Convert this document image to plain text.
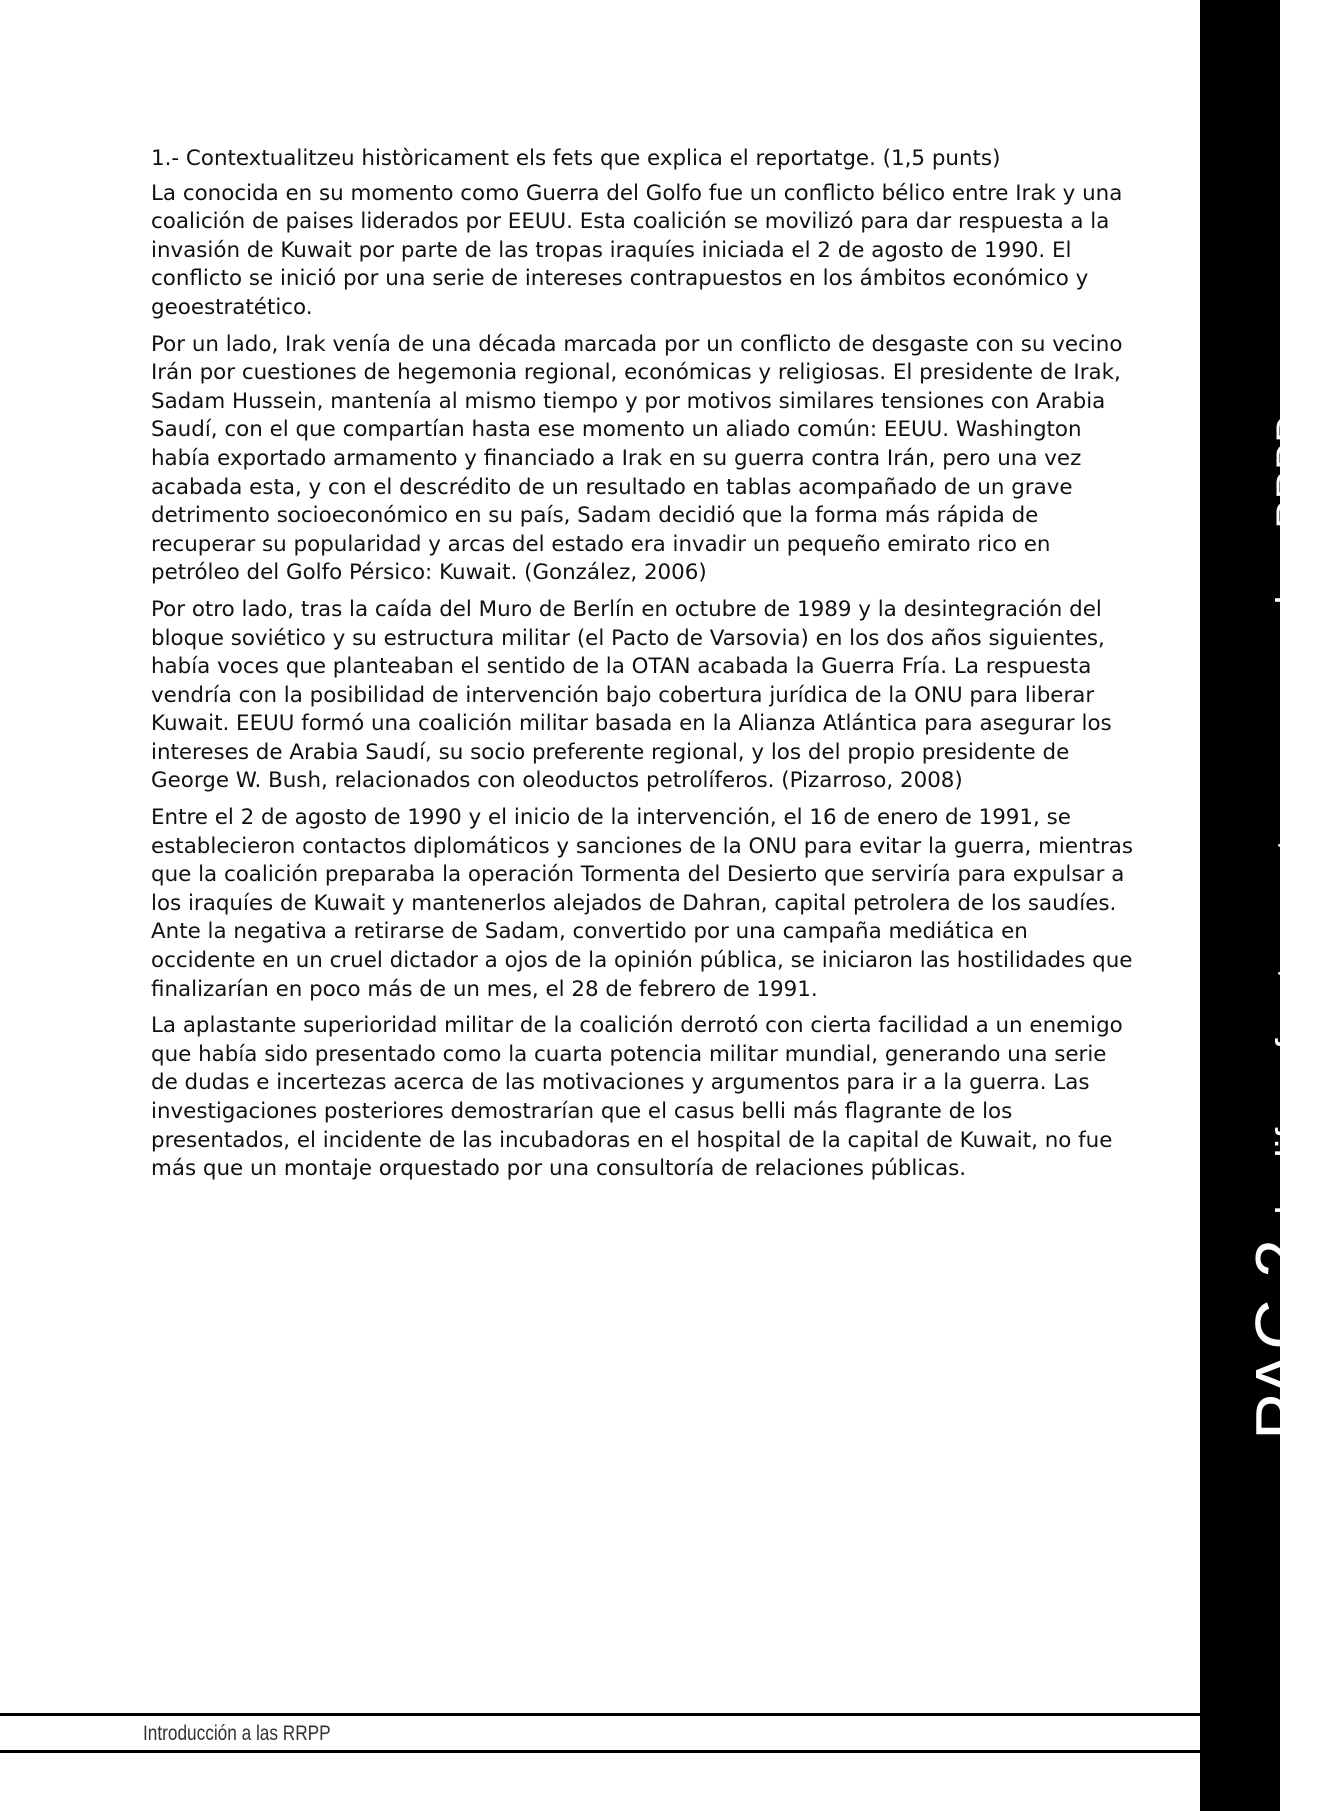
1.- Contextualitzeu històricament els fets que explica el reportatge. (1,5 punts)

La conocida en su momento como Guerra del Golfo fue un conflicto bélico entre Irak y una coalición de paises liderados por EEUU. Esta coalición se movilizó para dar respuesta a la invasión de Kuwait por parte de las tropas iraquíes iniciada el 2 de agosto de 1990. El conflicto se inició por una serie de intereses contrapuestos en los ámbitos económico y geoestratético.

Por un lado, Irak venía de una década marcada por un conflicto de desgaste con su vecino Irán por cuestiones de hegemonia regional, económicas y religiosas. El presidente de Irak, Sadam Hussein, mantenía al mismo tiempo y por motivos similares tensiones con Arabia Saudí, con el que compartían hasta ese momento un aliado común: EEUU. Washington había exportado armamento y financiado a Irak en su guerra contra Irán, pero una vez acabada esta, y con el descrédito de un resultado en tablas acompañado de un grave detrimento socioeconómico en su país, Sadam decidió que la forma más rápida de recuperar su popularidad y arcas del estado era invadir un pequeño emirato rico en petróleo del Golfo Pérsico: Kuwait. (González, 2006)

Por otro lado, tras la caída del Muro de Berlín en octubre de 1989 y la desintegración del bloque soviético y su estructura militar (el Pacto de Varsovia) en los dos años siguientes, había voces que planteaban el sentido de la OTAN acabada la Guerra Fría. La respuesta vendría con la posibilidad de intervención bajo cobertura jurídica de la ONU para liberar Kuwait. EEUU formó una coalición militar basada en la Alianza Atlántica para asegurar los intereses de Arabia Saudí, su socio preferente regional, y los del propio presidente de George W. Bush, relacionados con oleoductos petrolíferos. (Pizarroso, 2008)

Entre el 2 de agosto de 1990 y el inicio de la intervención, el 16 de enero de 1991, se establecieron contactos diplomáticos y sanciones de la ONU para evitar la guerra, mientras que la coalición preparaba la operación Tormenta del Desierto que serviría para expulsar a los iraquíes de Kuwait y mantenerlos alejados de Dahran, capital petrolera de los saudíes. Ante la negativa a retirarse de Sadam, convertido por una campaña mediática en occidente en un cruel dictador a ojos de la opinión pública, se iniciaron las hostilidades que finalizarían en poco más de un mes, el 28 de febrero de 1991.

La aplastante superioridad militar de la coalición derrotó con cierta facilidad a un enemigo que había sido presentado como la cuarta potencia militar mundial, generando una serie de dudas e incertezas acerca de las motivaciones y argumentos para ir a la guerra. Las investigaciones posteriores demostrarían que el casus belli más flagrante de los presentados, el incidente de las incubadoras en el hospital de la capital de Kuwait, no fue más que un montaje orquestado por una consultoría de relaciones públicas.

PAC 2: la difusa frontera entre propaganda y RRPP
Introducción a las RRPP
